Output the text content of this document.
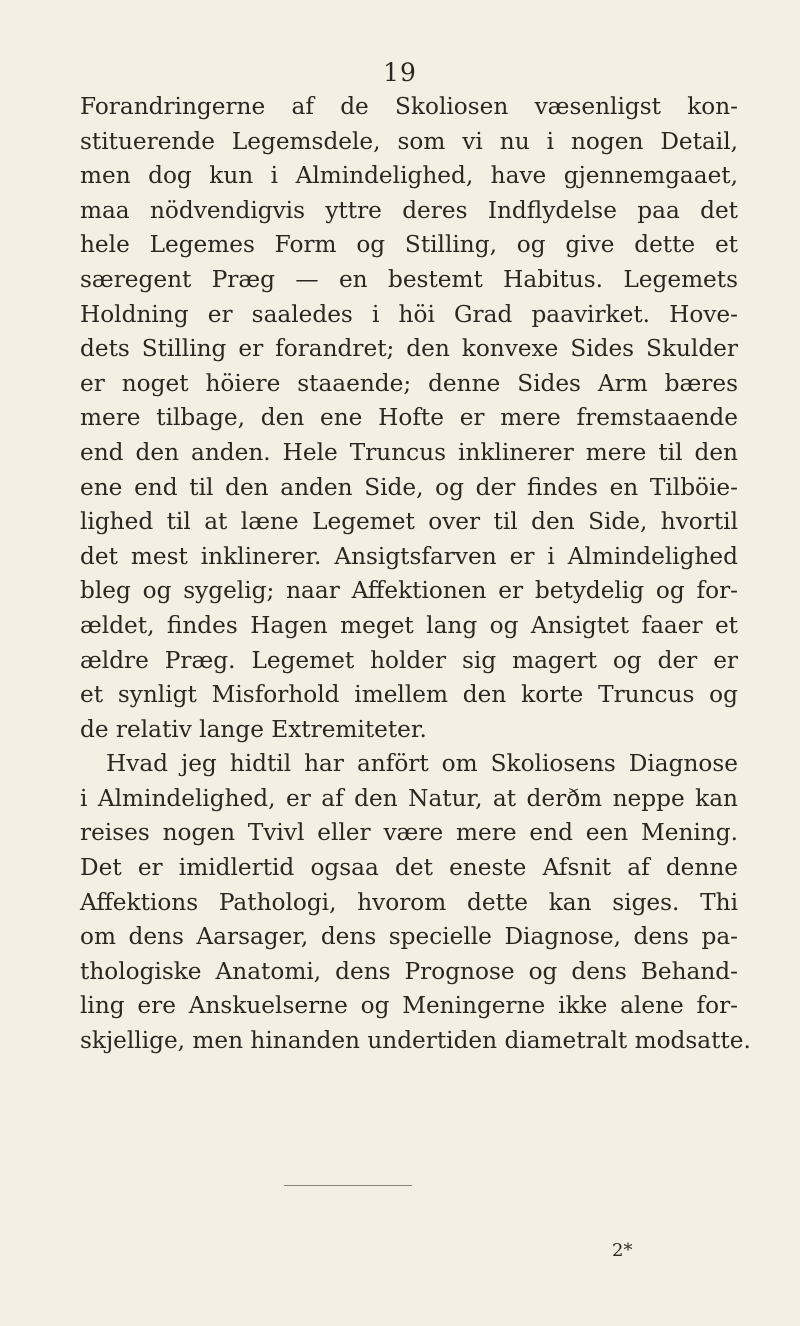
19
Forandringerne af de Skoliosen væsenligst kon-
stituerende Legemsdele, som vi nu i nogen Detail,
men dog kun i Almindelighed, have gjennemgaaet,
maa nödvendigvis yttre deres Indflydelse paa det
hele Legemes Form og Stilling, og give dette et
særegent Præg — en bestemt Habitus. Legemets
Holdning er saaledes i höi Grad paavirket. Hove-
dets Stilling er forandret; den konvexe Sides Skulder
er noget höiere staaende; denne Sides Arm bæres
mere tilbage, den ene Hofte er mere fremstaaende
end den anden. Hele Truncus inklinerer mere til den
ene end til den anden Side, og der findes en Tilböie-
lighed til at læne Legemet over til den Side, hvortil
det mest inklinerer. Ansigtsfarven er i Almindelighed
bleg og sygelig; naar Affektionen er betydelig og for-
ældet, findes Hagen meget lang og Ansigtet faaer et
ældre Præg. Legemet holder sig magert og der er
et synligt Misforhold imellem den korte Truncus og
de relativ lange Extremiteter.
Hvad jeg hidtil har anfört om Skoliosens Diagnose
i Almindelighed, er af den Natur, at derðm neppe kan
reises nogen Tvivl eller være mere end een Mening.
Det er imidlertid ogsaa det eneste Afsnit af denne
Affektions Pathologi, hvorom dette kan siges. Thi
om dens Aarsager, dens specielle Diagnose, dens pa-
thologiske Anatomi, dens Prognose og dens Behand-
ling ere Anskuelserne og Meningerne ikke alene for-
skjellige, men hinanden undertiden diametralt modsatte.
2*
